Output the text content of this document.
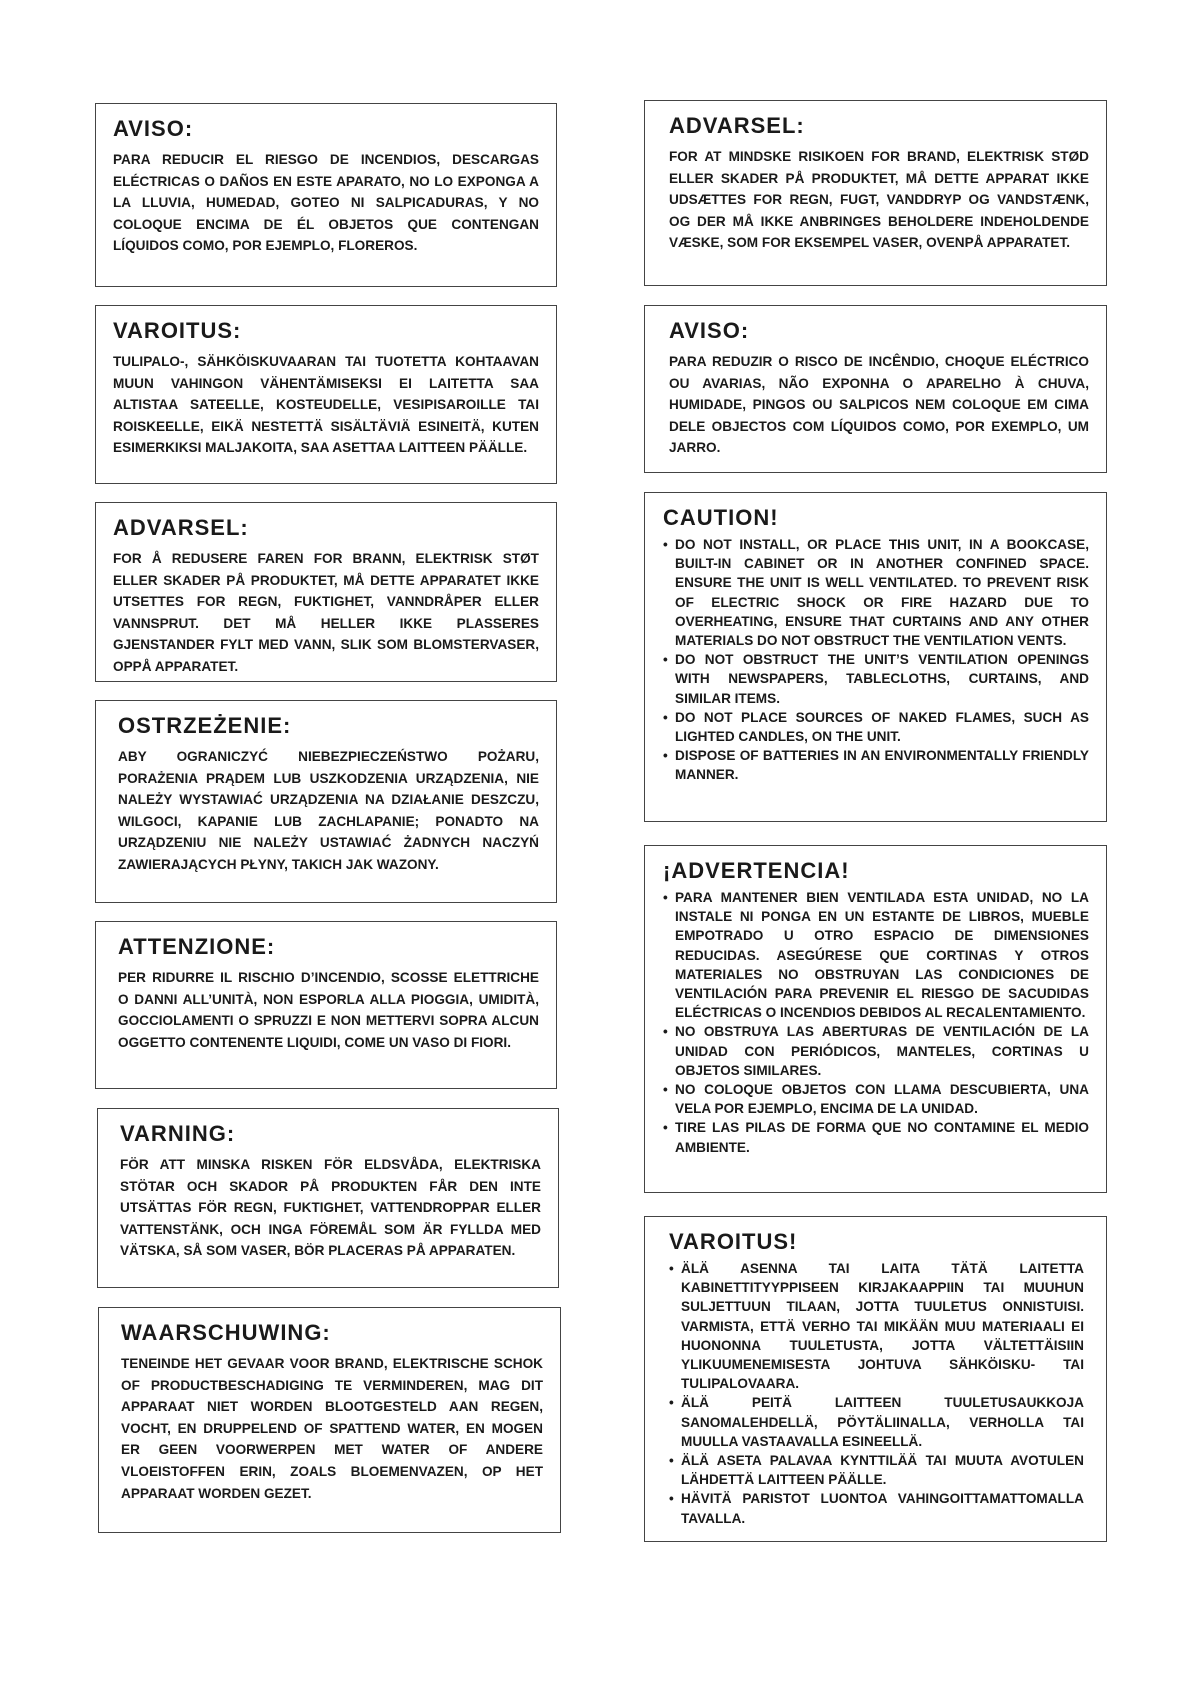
AVISO:

PARA REDUCIR EL RIESGO DE INCENDIOS, DESCARGAS ELÉCTRICAS O DAÑOS EN ESTE APARATO, NO LO EXPONGA A LA LLUVIA, HUMEDAD, GOTEO NI SALPICADURAS, Y NO COLOQUE ENCIMA DE ÉL OBJETOS QUE CONTENGAN LÍQUIDOS COMO, POR EJEMPLO, FLOREROS.

VAROITUS:

TULIPALO-, SÄHKÖISKUVAARAN TAI TUOTETTA KOHTAAVAN MUUN VAHINGON VÄHENTÄMISEKSI EI LAITETTA SAA ALTISTAA SATEELLE, KOSTEUDELLE, VESIPISAROILLE TAI ROISKEELLE, EIKÄ NESTETTÄ SISÄLTÄVIÄ ESINEITÄ, KUTEN ESIMERKIKSI MALJAKOITA, SAA ASETTAA LAITTEEN PÄÄLLE.

ADVARSEL:

FOR Å REDUSERE FAREN FOR BRANN, ELEKTRISK STØT ELLER SKADER PÅ PRODUKTET, MÅ DETTE APPARATET IKKE UTSETTES FOR REGN, FUKTIGHET, VANNDRÅPER ELLER VANNSPRUT. DET MÅ HELLER IKKE PLASSERES GJENSTANDER FYLT MED VANN, SLIK SOM BLOMSTERVASER, OPPÅ APPARATET.

OSTRZEŻENIE:

ABY OGRANICZYĆ NIEBEZPIECZEŃSTWO POŻARU, PORAŻENIA PRĄDEM LUB USZKODZENIA URZĄDZENIA, NIE NALEŻY WYSTAWIAĆ URZĄDZENIA NA DZIAŁANIE DESZCZU, WILGOCI, KAPANIE LUB ZACHLAPANIE; PONADTO NA URZĄDZENIU NIE NALEŻY USTAWIAĆ ŻADNYCH NACZYŃ ZAWIERAJĄCYCH PŁYNY, TAKICH JAK WAZONY.

ATTENZIONE:

PER RIDURRE IL RISCHIO D’INCENDIO, SCOSSE ELETTRICHE O DANNI ALL’UNITÀ, NON ESPORLA ALLA PIOGGIA, UMIDITÀ, GOCCIOLAMENTI O SPRUZZI E NON METTERVI SOPRA ALCUN OGGETTO CONTENENTE LIQUIDI, COME UN VASO DI FIORI.

VARNING:

FÖR ATT MINSKA RISKEN FÖR ELDSVÅDA, ELEKTRISKA STÖTAR OCH SKADOR PÅ PRODUKTEN FÅR DEN INTE UTSÄTTAS FÖR REGN, FUKTIGHET, VATTENDROPPAR ELLER VATTENSTÄNK, OCH INGA FÖREMÅL SOM ÄR FYLLDA MED VÄTSKA, SÅ SOM VASER, BÖR PLACERAS PÅ APPARATEN.

WAARSCHUWING:

TENEINDE HET GEVAAR VOOR BRAND, ELEKTRISCHE SCHOK OF PRODUCTBESCHADIGING TE VERMINDEREN, MAG DIT APPARAAT NIET WORDEN BLOOTGESTELD AAN REGEN, VOCHT, EN DRUPPELEND OF SPATTEND WATER, EN MOGEN ER GEEN VOORWERPEN MET WATER OF ANDERE VLOEISTOFFEN ERIN, ZOALS BLOEMENVAZEN, OP HET APPARAAT WORDEN GEZET.

ADVARSEL:

FOR AT MINDSKE RISIKOEN FOR BRAND, ELEKTRISK STØD ELLER SKADER PÅ PRODUKTET, MÅ DETTE APPARAT IKKE UDSÆTTES FOR REGN, FUGT, VANDDRYP OG VANDSTÆNK, OG DER MÅ IKKE ANBRINGES BEHOLDERE INDEHOLDENDE VÆSKE, SOM FOR EKSEMPEL VASER, OVENPÅ APPARATET.

AVISO:

PARA REDUZIR O RISCO DE INCÊNDIO, CHOQUE ELÉCTRICO OU AVARIAS, NÃO EXPONHA O APARELHO À CHUVA, HUMIDADE, PINGOS OU SALPICOS NEM COLOQUE EM CIMA DELE OBJECTOS COM LÍQUIDOS COMO, POR EXEMPLO, UM JARRO.

CAUTION!
• DO NOT INSTALL, OR PLACE THIS UNIT, IN A BOOKCASE, BUILT-IN CABINET OR IN ANOTHER CONFINED SPACE. ENSURE THE UNIT IS WELL VENTILATED. TO PREVENT RISK OF ELECTRIC SHOCK OR FIRE HAZARD DUE TO OVERHEATING, ENSURE THAT CURTAINS AND ANY OTHER MATERIALS DO NOT OBSTRUCT THE VENTILATION VENTS.
• DO NOT OBSTRUCT THE UNIT’S VENTILATION OPENINGS WITH NEWSPAPERS, TABLECLOTHS, CURTAINS, AND SIMILAR ITEMS.
• DO NOT PLACE SOURCES OF NAKED FLAMES, SUCH AS LIGHTED CANDLES, ON THE UNIT.
• DISPOSE OF BATTERIES IN AN ENVIRONMENTALLY FRIENDLY MANNER.
¡ADVERTENCIA!
• PARA MANTENER BIEN VENTILADA ESTA UNIDAD, NO LA INSTALE NI PONGA EN UN ESTANTE DE LIBROS, MUEBLE EMPOTRADO U OTRO ESPACIO DE DIMENSIONES REDUCIDAS. ASEGÚRESE QUE CORTINAS Y OTROS MATERIALES NO OBSTRUYAN LAS CONDICIONES DE VENTILACIÓN PARA PREVENIR EL RIESGO DE SACUDIDAS ELÉCTRICAS O INCENDIOS DEBIDOS AL RECALENTAMIENTO.
• NO OBSTRUYA LAS ABERTURAS DE VENTILACIÓN DE LA UNIDAD CON PERIÓDICOS, MANTELES, CORTINAS U OBJETOS SIMILARES.
• NO COLOQUE OBJETOS CON LLAMA DESCUBIERTA, UNA VELA POR EJEMPLO, ENCIMA DE LA UNIDAD.
• TIRE LAS PILAS DE FORMA QUE NO CONTAMINE EL MEDIO AMBIENTE.
VAROITUS!
• ÄLÄ ASENNA TAI LAITA TÄTÄ LAITETTA KABINETTITYYPPISEEN KIRJAKAAPPIIN TAI MUUHUN SULJETTUUN TILAAN, JOTTA TUULETUS ONNISTUISI. VARMISTA, ETTÄ VERHO TAI MIKÄÄN MUU MATERIAALI EI HUONONNA TUULETUSTA, JOTTA VÄLTETTÄISIIN YLIKUUMENEMISESTA JOHTUVA SÄHKÖISKU- TAI TULIPALOVAARA.
• ÄLÄ PEITÄ LAITTEEN TUULETUSAUKKOJA SANOMALEHDELLÄ, PÖYTÄLIINALLA, VERHOLLA TAI MUULLA VASTAAVALLA ESINEELLÄ.
• ÄLÄ ASETA PALAVAA KYNTTILÄÄ TAI MUUTA AVOTULEN LÄHDETTÄ LAITTEEN PÄÄLLE.
• HÄVITÄ PARISTOT LUONTOA VAHINGOITTAMATTOMALLA TAVALLA.
